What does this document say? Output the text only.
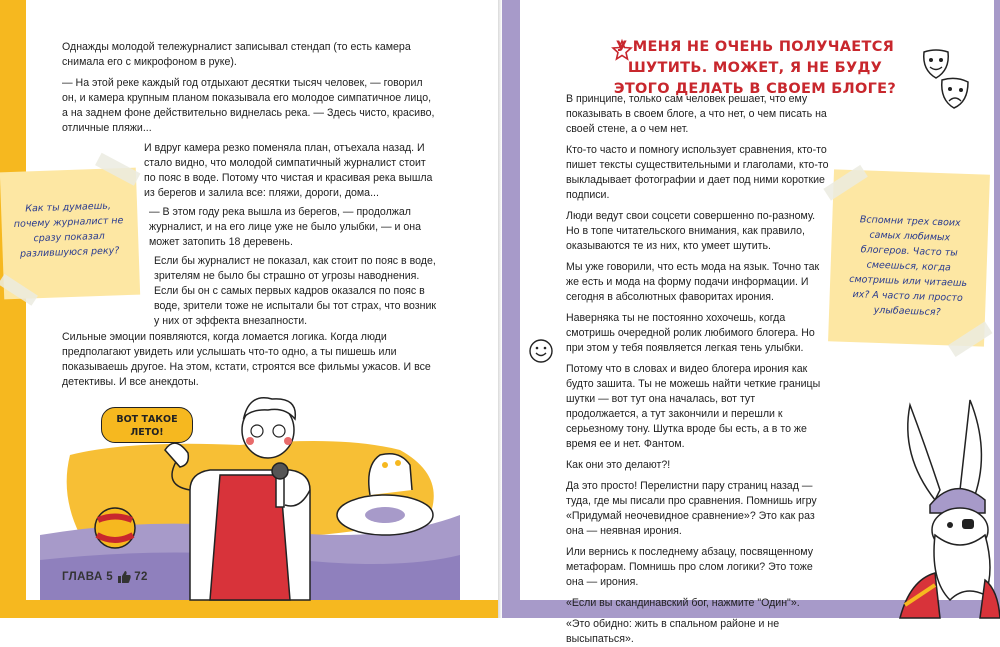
Однажды молодой тележурналист записывал стендап (то есть камера снимала его с микрофоном в руке).

— На этой реке каждый год отдыхают десятки тысяч человек, — говорил он, и камера крупным планом показывала его молодое симпатичное лицо, а на заднем фоне действительно виднелась река. — Здесь чисто, красиво, отличные пляжи...

И вдруг камера резко поменяла план, отъехала назад. И стало видно, что молодой симпатичный журналист стоит по пояс в воде. Потому что чистая и красивая река вышла из берегов и залила все: пляжи, дороги, дома...

— В этом году река вышла из берегов, — продолжал журналист, и на его лице уже не было улыбки, — и она может затопить 18 деревень.

Если бы журналист не показал, как стоит по пояс в воде, зрителям не было бы страшно от угрозы наводнения. Если бы он с самых первых кадров оказался по пояс в воде, зрители тоже не испытали бы тот страх, что возник у них от эффекта внезапности.

Сильные эмоции появляются, когда ломается логика. Когда люди предполагают увидеть или услышать что-то одно, а ты пишешь или показываешь другое. На этом, кстати, строятся все фильмы ужасов. И все детективы. И все анекдоты.

Как ты думаешь, почему журналист не сразу показал разлившуюся реку?
ВОТ ТАКОЕ ЛЕТО!
ГЛАВА 5 72
У МЕНЯ НЕ ОЧЕНЬ ПОЛУЧАЕТСЯ ШУТИТЬ. МОЖЕТ, Я НЕ БУДУ ЭТОГО ДЕЛАТЬ В СВОЕМ БЛОГЕ?

В принципе, только сам человек решает, что ему показывать в своем блоге, а что нет, о чем писать на своей стене, а о чем нет.

Кто-то часто и помногу использует сравнения, кто-то пишет тексты существительными и глаголами, кто-то выкладывает фотографии и дает под ними короткие подписи.

Люди ведут свои соцсети совершенно по-разному. Но в топе читательского внимания, как правило, оказываются те из них, кто умеет шутить.

Мы уже говорили, что есть мода на язык. Точно так же есть и мода на форму подачи информации. И сегодня в абсолютных фаворитах ирония.

Наверняка ты не постоянно хохочешь, когда смотришь очередной ролик любимого блогера. Но при этом у тебя появляется легкая тень улыбки.

Потому что в словах и видео блогера ирония как будто зашита. Ты не можешь найти четкие границы шутки — вот тут она началась, вот тут продолжается, а тут закончили и перешли к серьезному тону. Шутка вроде бы есть, а в то же время ее и нет. Фантом.

Как они это делают?!

Да это просто! Перелистни пару страниц назад — туда, где мы писали про сравнения. Помнишь игру «Придумай неочевидное сравнение»? Это как раз она — неявная ирония.

Или вернись к последнему абзацу, посвященному метафорам. Помнишь про слом логики? Это тоже она — ирония.

«Если вы скандинавский бог, нажмите "Один"».

«Это обидно: жить в спальном районе и не высыпаться».

Вспомни трех своих самых любимых блогеров. Часто ты смеешься, когда смотришь или читаешь их? А часто ли просто улыбаешься?
